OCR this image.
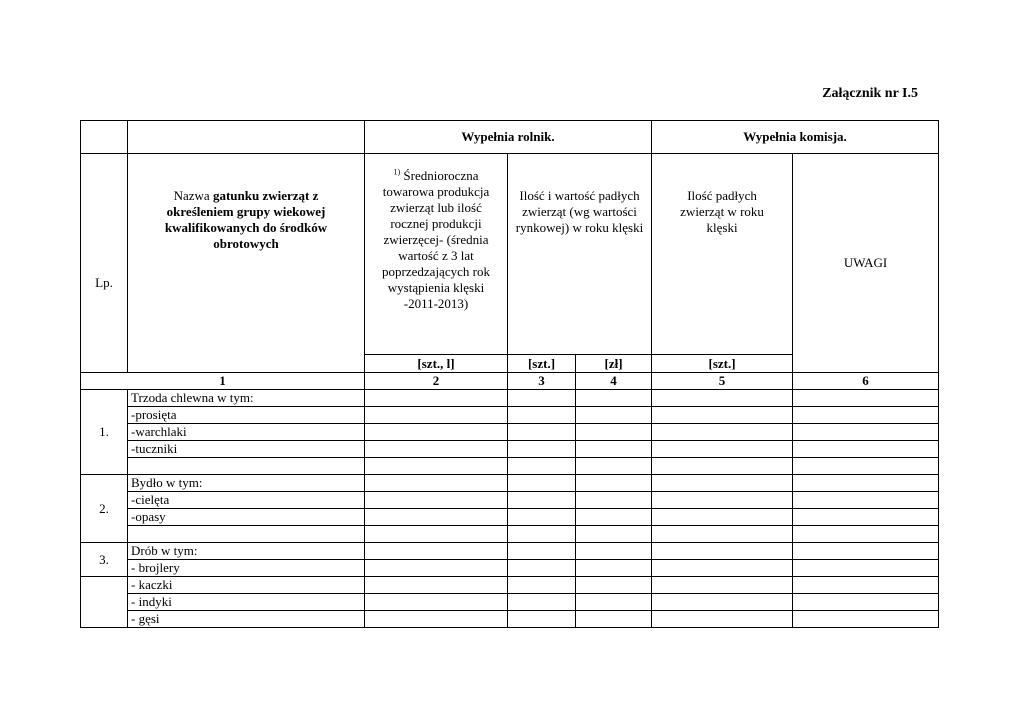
Załącznik nr I.5
		Wypełnia rolnik.			Wypełnia komisja.	
Lp.	Nazwa gatunku zwierząt z określeniem grupy wiekowej kwalifikowanych do środków obrotowych	$^{1)}$ Średnioroczna towarowa produkcja zwierząt lub ilość rocznej produkcji zwierzęcej- (średnia wartość z 3 lat poprzedzających rok wystąpienia klęski -2011-2013)	Ilość i wartość padłych zwierząt (wg wartości rynkowej) w roku klęski		Ilość padłych zwierząt w roku klęski	UWAGI
		[szt., l]	[szt.]	[zł]	[szt.]	
1		2	3	4	5	6
1.	Trzoda chlewna w tym:					
	-prosięta					
	-warchlaki					
	-tuczniki					

2.	Bydło w tym:					
	-cielęta					
	-opasy					

3.	Drób w tym:					
	- brojlery					
	- kaczki					
	- indyki					
	- gęsi					
